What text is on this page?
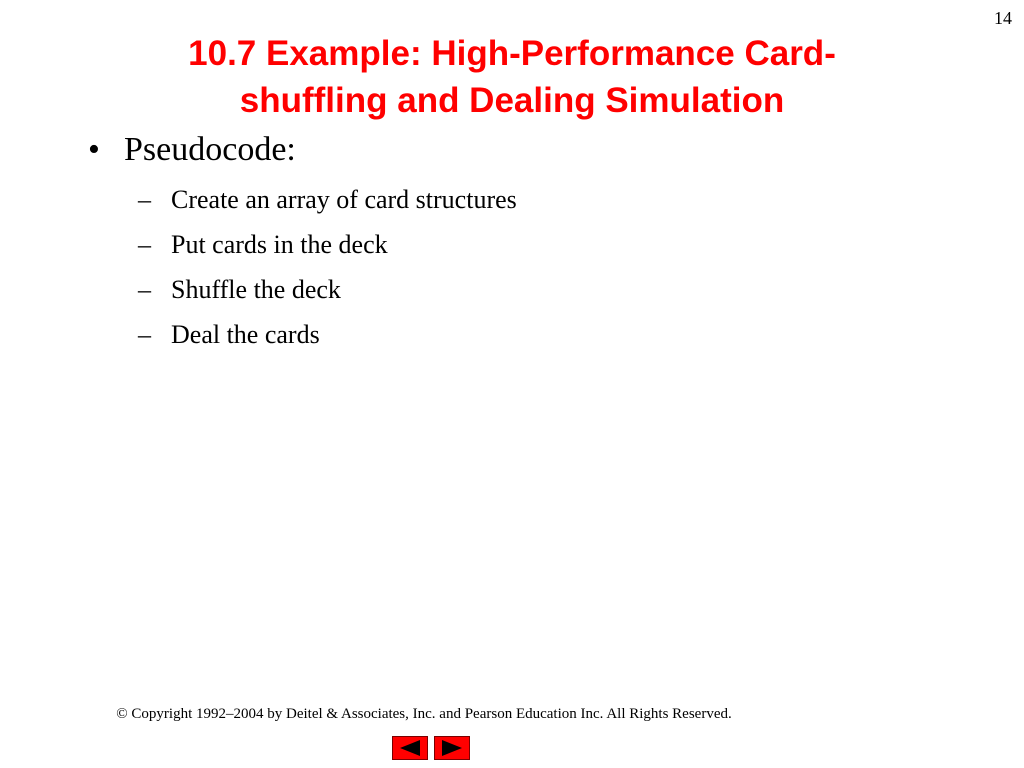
14
10.7 Example: High-Performance Card-
shuffling and Dealing Simulation
• Pseudocode:
– Create an array of card structures
– Put cards in the deck
– Shuffle the deck
– Deal the cards
© Copyright 1992–2004 by Deitel & Associates, Inc. and Pearson Education Inc. All Rights Reserved.
